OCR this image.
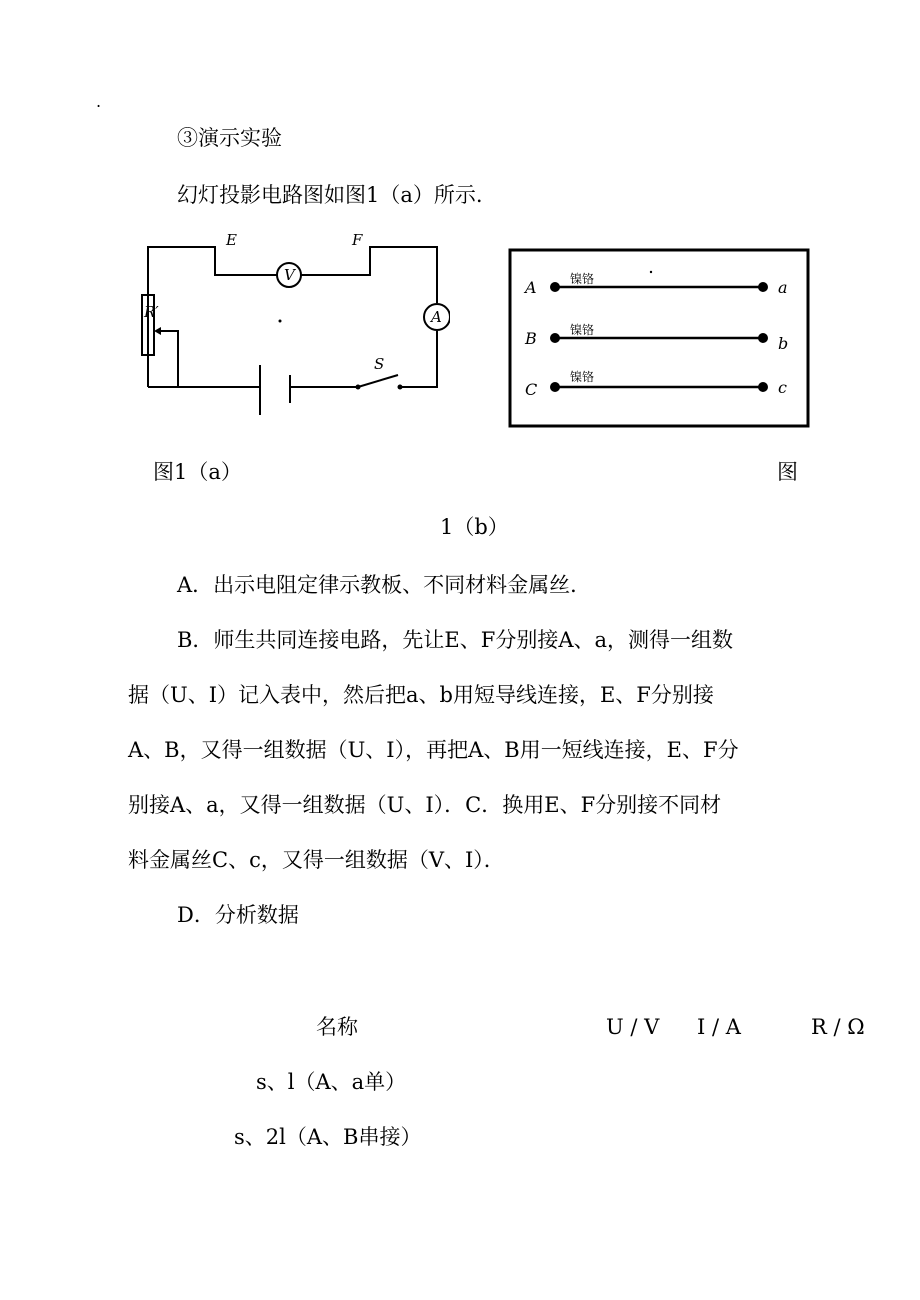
.
③演示实验
幻灯投影电路图如图1（a）所示.
E	F
V
A
R′
S
A	镍铬	a
B	镍铬
b
C
镍铬
c
图1（a）	图
1（b）
A．出示电阻定律示教板、不同材料金属丝．
B．师生共同连接电路，先让E、F分别接A、a，测得一组数
据（U、I）记入表中，然后把a、b用短导线连接，E、F分别接
A、B，又得一组数据（U、I），再把A、B用一短线连接，E、F分
别接A、a，又得一组数据（U、I）．C．换用E、F分别接不同材
料金属丝C、c，又得一组数据（V、I）．
D．分析数据
名称	U / V I / A	R / Ω
s、l（A、a单）
s、2l（A、B串接）
